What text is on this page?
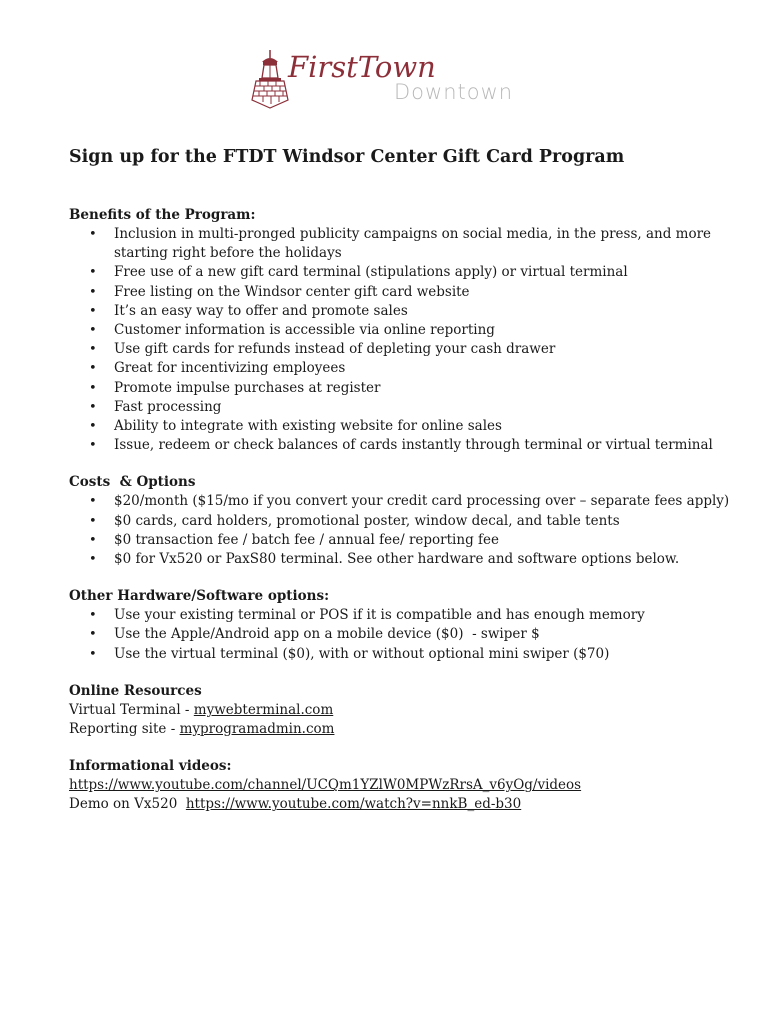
FirstTown
Downtown
Sign up for the FTDT Windsor Center Gift Card Program

Benefits of the Program:

• Inclusion in multi-pronged publicity campaigns on social media, in the press, and more starting right before the holidays
• Free use of a new gift card terminal (stipulations apply) or virtual terminal
• Free listing on the Windsor center gift card website
• It’s an easy way to offer and promote sales
• Customer information is accessible via online reporting
• Use gift cards for refunds instead of depleting your cash drawer
• Great for incentivizing employees
• Promote impulse purchases at register
• Fast processing
• Ability to integrate with existing website for online sales
• Issue, redeem or check balances of cards instantly through terminal or virtual terminal

Costs  & Options

• $20/month ($15/mo if you convert your credit card processing over – separate fees apply)
• $0 cards, card holders, promotional poster, window decal, and table tents
• $0 transaction fee / batch fee / annual fee/ reporting fee
• $0 for Vx520 or PaxS80 terminal. See other hardware and software options below.

Other Hardware/Software options:

• Use your existing terminal or POS if it is compatible and has enough memory
• Use the Apple/Android app on a mobile device ($0)  - swiper $
• Use the virtual terminal ($0), with or without optional mini swiper ($70)

Online Resources

Virtual Terminal - mywebterminal.com

Reporting site - myprogramadmin.com

Informational videos:

https://www.youtube.com/channel/UCQm1YZlW0MPWzRrsA_v6yOg/videos

Demo on Vx520  https://www.youtube.com/watch?v=nnkB_ed-b30
